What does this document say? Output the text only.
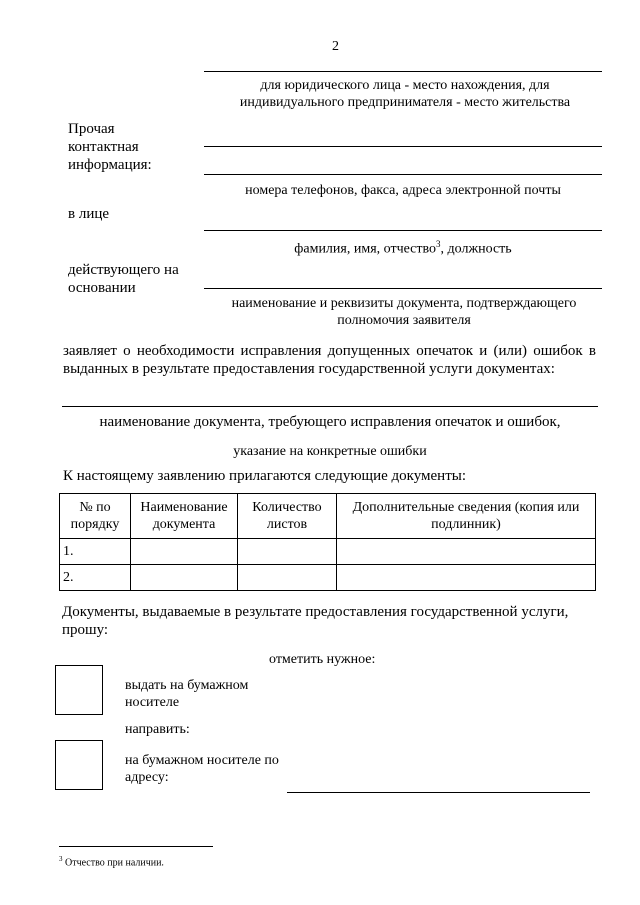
2
для юридического лица - место нахождения, для индивидуального предпринимателя - место жительства
Прочая контактная информация:
номера телефонов, факса, адреса электронной почты
в лице
фамилия, имя, отчество$^3$, должность
действующего на основании
наименование и реквизиты документа, подтверждающего полномочия заявителя
заявляет о необходимости исправления допущенных опечаток и (или) ошибок в выданных в результате предоставления государственной услуги документах:
наименование документа, требующего исправления опечаток и ошибок,
указание на конкретные ошибки
К настоящему заявлению прилагаются следующие документы:
№ по порядку	Наименование документа	Количество листов	Дополнительные сведения (копия или подлинник)
1.			
2.			
Документы, выдаваемые в результате предоставления государственной услуги, прошу:
отметить нужное:
выдать на бумажном носителе
направить:
на бумажном носителе по адресу:
$^3$ Отчество при наличии.
